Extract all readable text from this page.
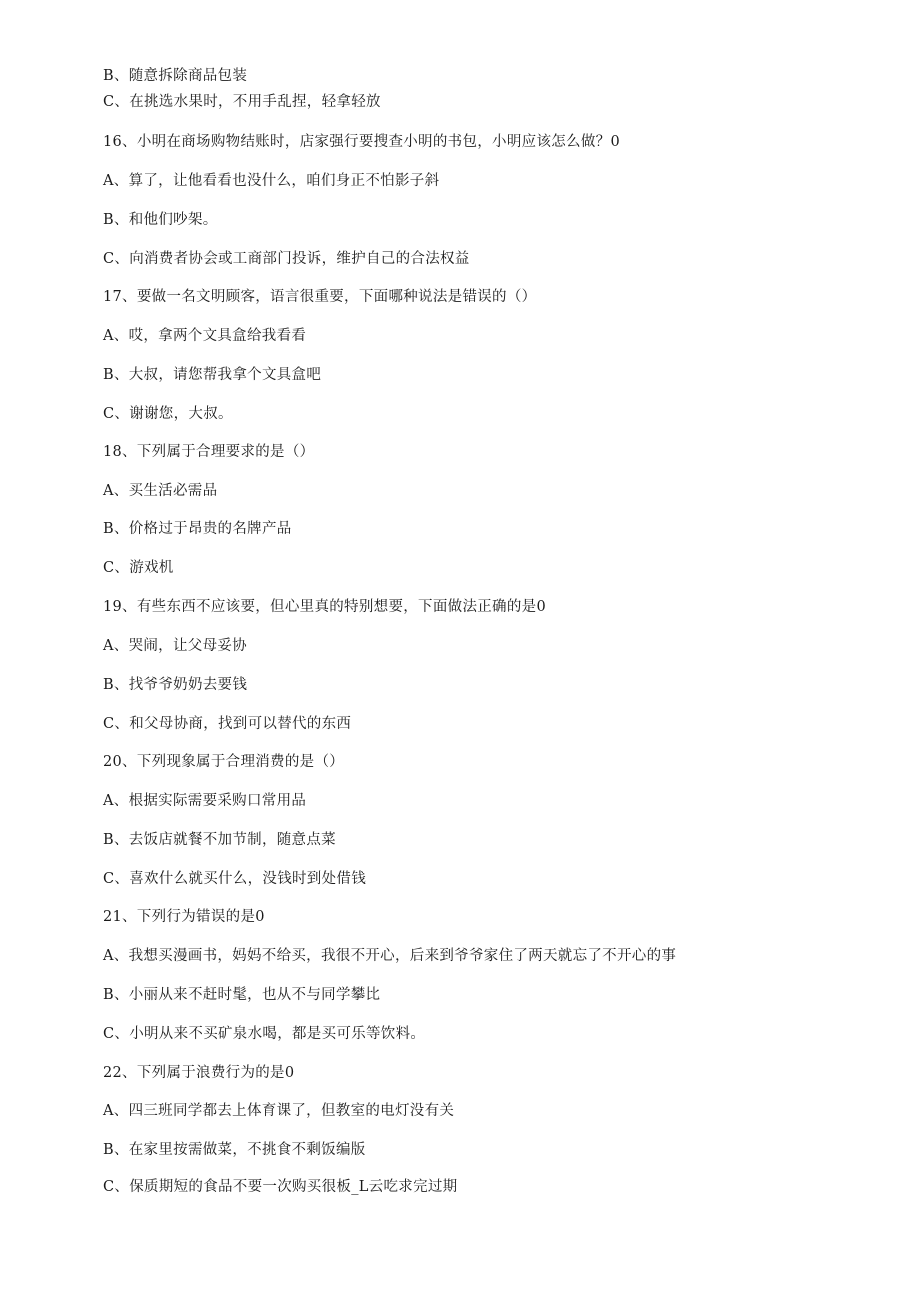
B、随意拆除商品包装
C、在挑选水果时，不用手乱捏，轻拿轻放
16、小明在商场购物结账时，店家强行要搜查小明的书包，小明应该怎么做？0
A、算了，让他看看也没什么，咱们身正不怕影子斜
B、和他们吵架。
C、向消费者协会或工商部门投诉，维护自己的合法权益
17、要做一名文明顾客，语言很重要，下面哪种说法是错误的（）
A、哎，拿两个文具盒给我看看
B、大叔，请您帮我拿个文具盒吧
C、谢谢您，大叔。
18、下列属于合理要求的是（）
A、买生活必需品
B、价格过于昂贵的名牌产品
C、游戏机
19、有些东西不应该要，但心里真的特别想要，下面做法正确的是0
A、哭闹，让父母妥协
B、找爷爷奶奶去要钱
C、和父母协商，找到可以替代的东西
20、下列现象属于合理消费的是（）
A、根据实际需要采购口常用品
B、去饭店就餐不加节制，随意点菜
C、喜欢什么就买什么，没钱时到处借钱
21、下列行为错误的是0
A、我想买漫画书，妈妈不给买，我很不开心，后来到爷爷家住了两天就忘了不开心的事
B、小丽从来不赶时髦，也从不与同学攀比
C、小明从来不买矿泉水喝，都是买可乐等饮料。
22、下列属于浪费行为的是0
A、四三班同学都去上体育课了，但教室的电灯没有关
B、在家里按需做菜，不挑食不剩饭编版
C、保质期短的食品不要一次购买很板_L云吃求完过期
